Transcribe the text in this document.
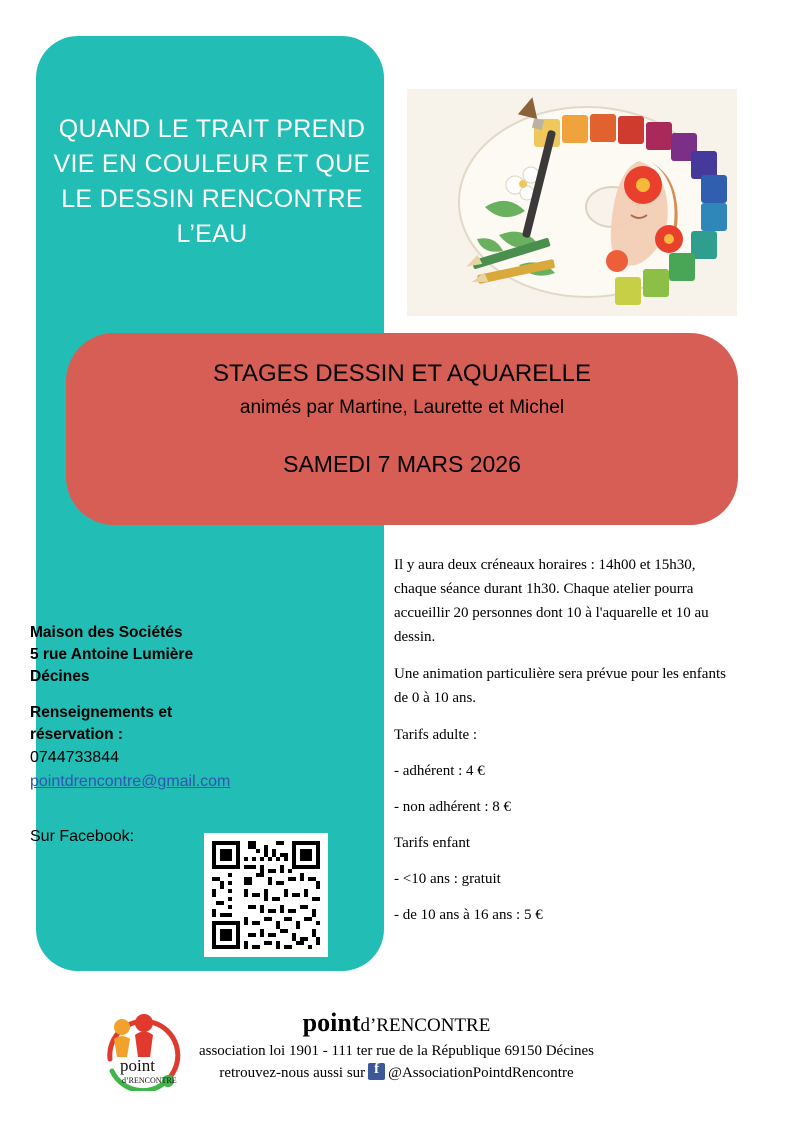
QUAND LE TRAIT PREND VIE EN COULEUR ET QUE LE DESSIN RENCONTRE L’EAU
STAGES DESSIN ET AQUARELLE
animés par Martine, Laurette et Michel
SAMEDI 7 MARS 2026

Il y aura deux créneaux horaires : 14h00 et 15h30, chaque séance durant 1h30. Chaque atelier pourra accueillir 20 personnes dont 10 à l'aquarelle et 10 au dessin.

Une animation particulière sera prévue pour les enfants de 0 à 10 ans.

Tarifs adulte :

- adhérent : 4 €

- non adhérent : 8 €

Tarifs enfant

- <10 ans : gratuit

- de 10 ans à 16 ans : 5 €

Maison des Sociétés
5 rue Antoine Lumière
Décines
Renseignements et
réservation :
0744733844
pointdrencontre@gmail.com
Sur Facebook:
point
d’RENCONTRE
pointd’RENCONTRE
association loi 1901 - 111 ter rue de la République 69150 Décines
retrouvez-nous aussi sur f @AssociationPointdRencontre
